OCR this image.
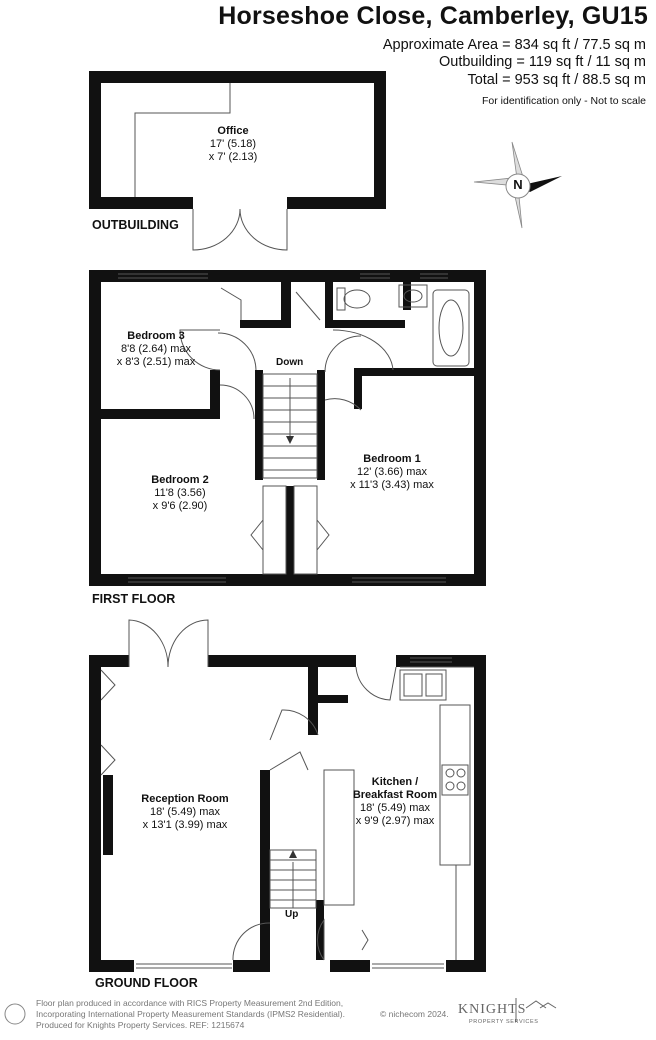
Horseshoe Close, Camberley, GU15
Approximate Area = 834 sq ft / 77.5 sq m
Outbuilding = 119 sq ft / 11 sq m
Total = 953 sq ft / 88.5 sq m
For identification only - Not to scale
N
OUTBUILDING
Office
17' (5.18)
x 7' (2.13)
FIRST FLOOR
Down
Bedroom 3
8'8 (2.64) max
x 8'3 (2.51) max
Bedroom 2
11'8 (3.56)
x 9'6 (2.90)
Bedroom 1
12' (3.66) max
x 11'3 (3.43) max
GROUND FLOOR
Up
Reception Room
18' (5.49) max
x 13'1 (3.99) max
Kitchen /
Breakfast Room
18' (5.49) max
x 9'9 (2.97) max
Floor plan produced in accordance with RICS Property Measurement 2nd Edition,
Incorporating International Property Measurement Standards (IPMS2 Residential).
Produced for Knights Property Services. REF: 1215674
© nichecom 2024. KNIGHTS
PROPERTY SERVICES
